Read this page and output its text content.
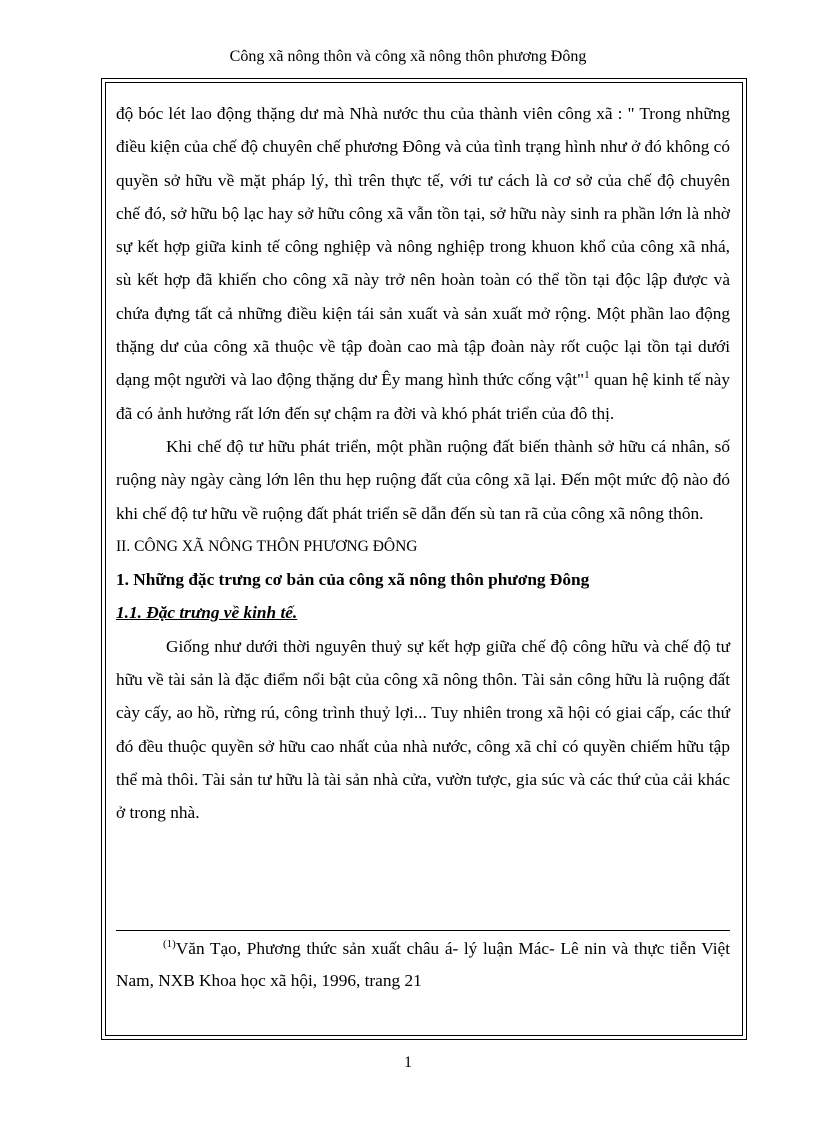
Công xã nông thôn và công xã nông thôn phương Đông

độ bóc lét lao động thặng dư mà Nhà nước thu của thành viên công xã : " Trong những điều kiện của chế độ chuyên chế phương Đông và của tình trạng hình như ở đó không có quyền sở hữu về mặt pháp lý, thì trên thực tế, với tư cách là cơ sở của chế độ chuyên chế đó, sở hữu bộ lạc hay sở hữu công xã vẫn tồn tại, sở hữu này sinh ra phần lớn là nhờ sự kết hợp giữa kinh tế công nghiệp và nông nghiệp trong khuon khổ của công xã nhá, sù kết hợp đã khiến cho công xã này trở nên hoàn toàn có thể tồn tại độc lập được và chứa đựng tất cả những điều kiện tái sản xuất và sản xuất mở rộng. Một phần lao động thặng dư của công xã thuộc về tập đoàn cao mà tập đoàn này rốt cuộc lại tồn tại dưới dạng một người và lao động thặng dư Êy mang hình thức cống vật"$^1$ quan hệ kinh tế này đã có ảnh hưởng rất lớn đến sự chậm ra đời và khó phát triển của đô thị.

Khi chế độ tư hữu phát triển, một phần ruộng đất biến thành sở hữu cá nhân, số ruộng này ngày càng lớn lên thu hẹp ruộng đất của công xã lại. Đến một mức độ nào đó khi chế độ tư hữu về ruộng đất phát triển sẽ dẫn đến sù tan rã của công xã nông thôn.

II. CÔNG XÃ NÔNG THÔN PHƯƠNG ĐÔNG

1. Những đặc trưng cơ bản của công xã nông thôn phương Đông

1.1. Đặc trưng về kinh tế.

Giống như dưới thời nguyên thuỷ sự kết hợp giữa chế độ công hữu và chế độ tư hữu về tài sản là đặc điểm nổi bật của công xã nông thôn. Tài sản công hữu là ruộng đất cày cấy, ao hồ, rừng rú, công trình thuỷ lợi... Tuy nhiên trong xã hội có giai cấp, các thứ đó đều thuộc quyền sở hữu cao nhất của nhà nước, công xã chỉ có quyền chiếm hữu tập thể mà thôi. Tài sản tư hữu là tài sản nhà cửa, vườn tược, gia súc và các thứ của cải khác ở trong nhà.

$^{(1)}$Văn Tạo, Phương thức sản xuất châu á- lý luận Mác- Lê nin và thực tiễn Việt Nam, NXB Khoa học xã hội, 1996, trang 21

1
